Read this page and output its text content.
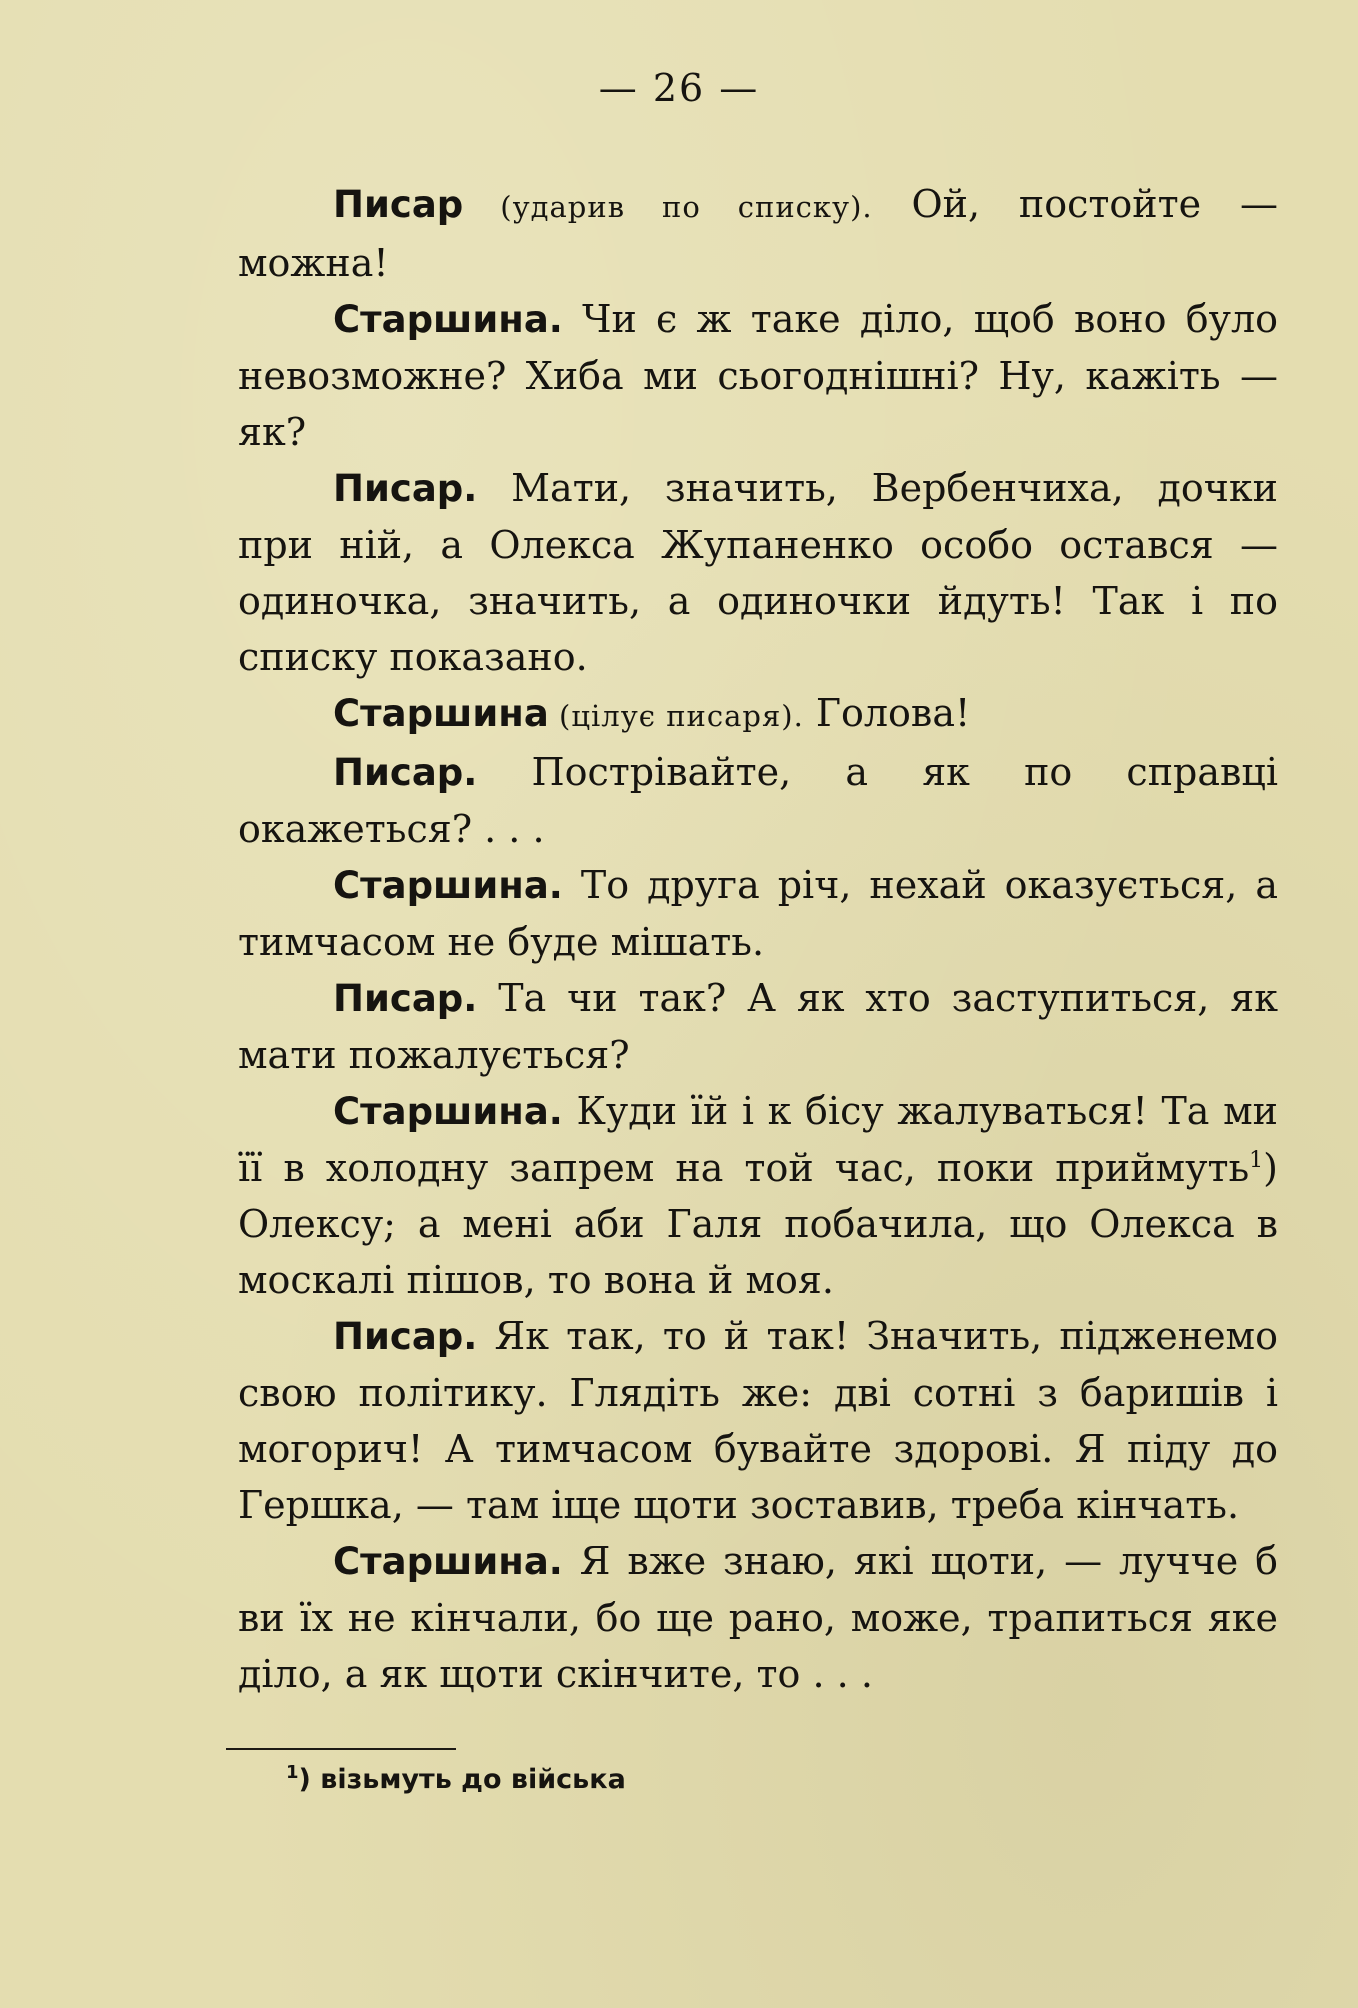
— 26 —

Писар (ударив по списку). Ой, постойте — можна!

Старшина. Чи є ж таке діло, щоб воно було невозможне? Хиба ми сьогоднішні? Ну, кажіть — як?

Писар. Мати, значить, Вербенчиха, дочки при ній, а Олекса Жупаненко особо остався — одиночка, значить, а одиночки йдуть! Так і по списку показано.

Старшина (цілує писаря). Голова!

Писар. Пострівайте, а як по справці окажеться? . . .

Старшина. То друга річ, нехай оказується, а тимчасом не буде мішать.

Писар. Та чи так? А як хто заступиться, як мати пожалується?

Старшина. Куди їй і к бісу жалуваться! Та ми її в холодну запрем на той час, поки приймуть$^1$) Олексу; а мені аби Галя побачила, що Олекса в москалі пішов, то вона й моя.

Писар. Як так, то й так! Значить, підженемо свою політику. Глядіть же: дві сотні з баришів і могорич! А тимчасом бувайте здорові. Я піду до Гершка, — там іще щоти зоставив, треба кінчать.

Старшина. Я вже знаю, які щоти, — лучче б ви їх не кінчали, бо ще рано, може, трапиться яке діло, а як щоти скінчите, то . . .

$^1$) візьмуть до війська
